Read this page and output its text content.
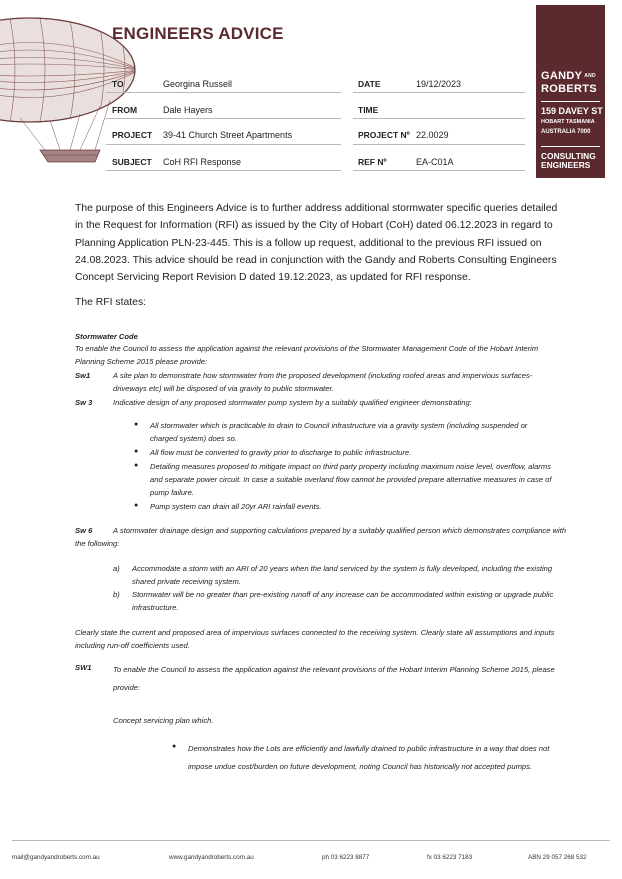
ENGINEERS ADVICE
TO	Georgina Russell
FROM	Dale Hayers
PROJECT 39-41 Church Street Apartments
SUBJECT CoH RFI Response
DATE	19/12/2023
TIME
PROJECT Nº 22.0029
REF Nº	EA-C01A
GANDY $^{AND}$
ROBERTS
159 DAVEY ST
HOBART TASMANIA
AUSTRALIA 7000
CONSULTING
ENGINEERS
The purpose of this Engineers Advice is to further address additional stormwater specific queries detailed in the Request for Information (RFI) as issued by the City of Hobart (CoH) dated 06.12.2023 in regard to Planning Application PLN-23-445. This is a follow up request, additional to the previous RFI issued on 24.08.2023. This advice should be read in conjunction with the Gandy and Roberts Consulting Engineers Concept Servicing Report Revision D dated 19.12.2023, as updated for RFI response.
The RFI states:
Stormwater Code
To enable the Council to assess the application against the relevant provisions of the Stormwater Management Code of the Hobart Interim Planning Scheme 2015 please provide:
Sw1	A site plan to demonstrate how stormwater from the proposed development (including roofed areas and impervious surfaces-driveways etc) will be disposed of via gravity to public stormwater.
Sw 3	Indicative design of any proposed stormwater pump system by a suitably qualified engineer demonstrating:
● All stormwater which is practicable to drain to Council infrastructure via a gravity system (including suspended or charged system) does so.
● All flow must be converted to gravity prior to discharge to public infrastructure.
● Detailing measures proposed to mitigate impact on third party property including maximum noise level, overflow, alarms and separate power circuit. In case a suitable overland flow cannot be provided prepare alternative measures in case of pump failure.
● Pump system can drain all 20yr ARI rainfall events.
Sw 6	A stormwater drainage design and supporting calculations prepared by a suitably qualified person which demonstrates compliance with the following:
a) Accommodate a storm with an ARI of 20 years when the land serviced by the system is fully developed, including the existing shared private receiving system.
b) Stormwater will be no greater than pre-existing runoff of any increase can be accommodated within existing or upgrade public infrastructure.
Clearly state the current and proposed area of impervious surfaces connected to the receiving system. Clearly state all assumptions and inputs including run-off coefficients used.
SW1	To enable the Council to assess the application against the relevant provisions of the Hobart Interim Planning Scheme 2015, please provide:
Concept servicing plan which.
● Demonstrates how the Lots are efficiently and lawfully drained to public infrastructure in a way that does not impose undue cost/burden on future development, noting Council has historically not accepted pumps.
mail@gandyandroberts.com.au	www.gandyandroberts.com.au	ph 03 6223 8877	fx 03 6223 7183	ABN 29 057 268 532
